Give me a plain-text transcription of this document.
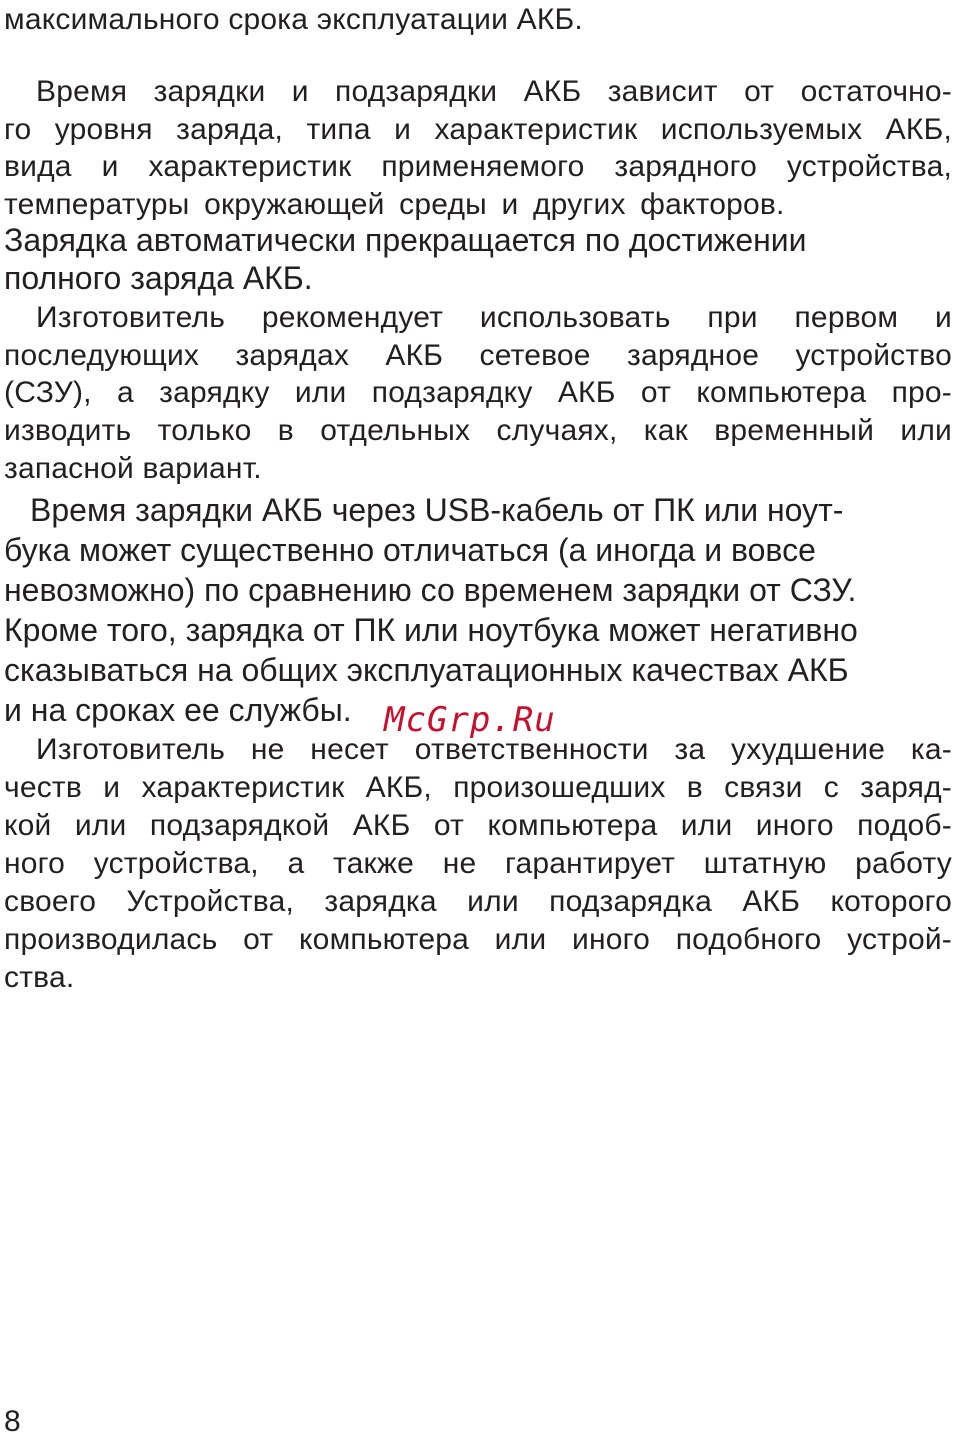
максимального срока эксплуатации АКБ.
Время зарядки и подзарядки АКБ зависит от остаточно-
го уровня заряда, типа и характеристик используемых АКБ,
вида и характеристик применяемого зарядного устройства,
температуры окружающей среды и других факторов.
Зарядка автоматически прекращается по достижении
полного заряда АКБ.
Изготовитель рекомендует использовать при первом и
последующих зарядах АКБ сетевое зарядное устройство
(СЗУ), а зарядку или подзарядку АКБ от компьютера про-
изводить только в отдельных случаях, как временный или
запасной вариант.
Время зарядки АКБ через USB-кабель от ПК или ноут-
бука может существенно отличаться (а иногда и вовсе
невозможно) по сравнению со временем зарядки от СЗУ.
Кроме того, зарядка от ПК или ноутбука может негативно
сказываться на общих эксплуатационных качествах АКБ
и на сроках ее службы. McGrp.Ru
Изготовитель не несет ответственности за ухудшение ка-
честв и характеристик АКБ, произошедших в связи с заряд-
кой или подзарядкой АКБ от компьютера или иного подоб-
ного устройства, а также не гарантирует штатную работу
своего Устройства, зарядка или подзарядка АКБ которого
производилась от компьютера или иного подобного устрой-
ства.
8
